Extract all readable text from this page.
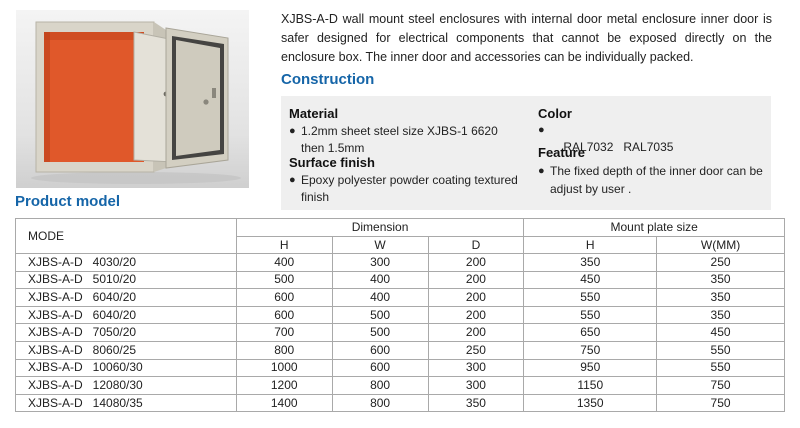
XJBS-A-D wall mount steel enclosures with internal door metal enclosure inner door is safer designed for electrical components that cannot be exposed directly on the enclosure box. The inner door and accessories can be individually packed.

Construction
Material
● 1.2mm sheet steel size XJBS-1 6620
then 1.5mm
Surface finish
● Epoxy polyester powder coating textured
finish
Color

●
RAL7032   RAL7035

Feature
● The fixed depth of the inner door can be
adjust by user .
Product model
MODE	Dimension			Mount plate size	
	H	W	D	H	W(MM)
XJBS-A-D   4030/20	400	300	200	350	250
XJBS-A-D   5010/20	500	400	200	450	350
XJBS-A-D   6040/20	600	400	200	550	350
XJBS-A-D   6040/20	600	500	200	550	350
XJBS-A-D   7050/20	700	500	200	650	450
XJBS-A-D   8060/25	800	600	250	750	550
XJBS-A-D   10060/30	1000	600	300	950	550
XJBS-A-D   12080/30	1200	800	300	1150	750
XJBS-A-D   14080/35	1400	800	350	1350	750
